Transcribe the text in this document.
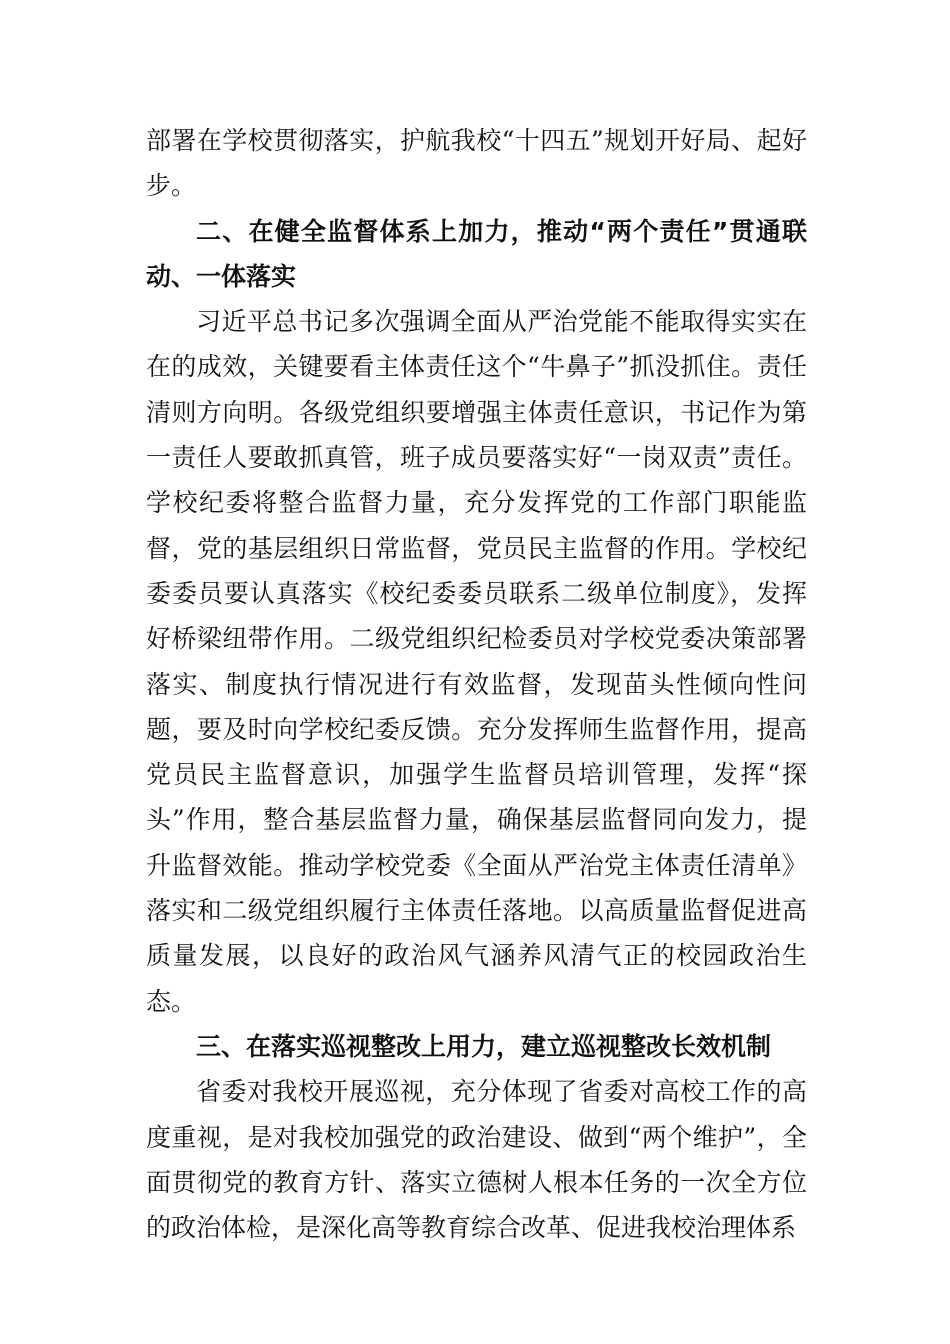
部署在学校贯彻落实，护航我校“十四五”规划开好局、起好步。

二、在健全监督体系上加力，推动“两个责任”贯通联动、一体落实

习近平总书记多次强调全面从严治党能不能取得实实在在的成效，关键要看主体责任这个“牛鼻子”抓没抓住。责任清则方向明。各级党组织要增强主体责任意识，书记作为第一责任人要敢抓真管，班子成员要落实好“一岗双责”责任。学校纪委将整合监督力量，充分发挥党的工作部门职能监督，党的基层组织日常监督，党员民主监督的作用。学校纪委委员要认真落实《校纪委委员联系二级单位制度》，发挥好桥梁纽带作用。二级党组织纪检委员对学校党委决策部署落实、制度执行情况进行有效监督，发现苗头性倾向性问题，要及时向学校纪委反馈。充分发挥师生监督作用，提高党员民主监督意识，加强学生监督员培训管理，发挥“探头”作用，整合基层监督力量，确保基层监督同向发力，提升监督效能。推动学校党委《全面从严治党主体责任清单》落实和二级党组织履行主体责任落地。以高质量监督促进高质量发展，以良好的政治风气涵养风清气正的校园政治生态。

三、在落实巡视整改上用力，建立巡视整改长效机制

省委对我校开展巡视，充分体现了省委对高校工作的高度重视，是对我校加强党的政治建设、做到“两个维护”，全面贯彻党的教育方针、落实立德树人根本任务的一次全方位的政治体检，是深化高等教育综合改革、促进我校治理体系
